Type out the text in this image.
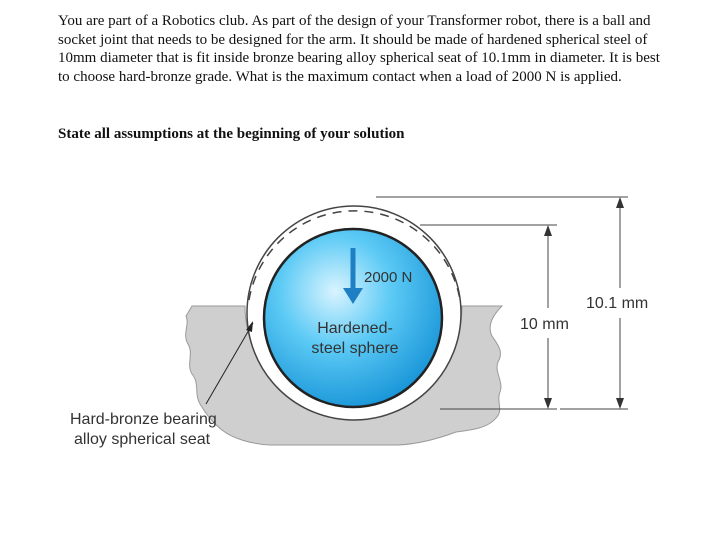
You are part of a Robotics club. As part of the design of your Transformer robot, there is a ball and socket joint that needs to be designed for the arm. It should be made of hardened spherical steel of 10mm diameter that is fit inside bronze bearing alloy spherical seat of 10.1mm in diameter. It is best to choose hard-bronze grade. What is the maximum contact when a load of 2000 N is applied.

State all assumptions at the beginning of your solution

2000 N
Hardened-
steel sphere
Hard-bronze bearing
alloy spherical seat
10 mm
10.1 mm
